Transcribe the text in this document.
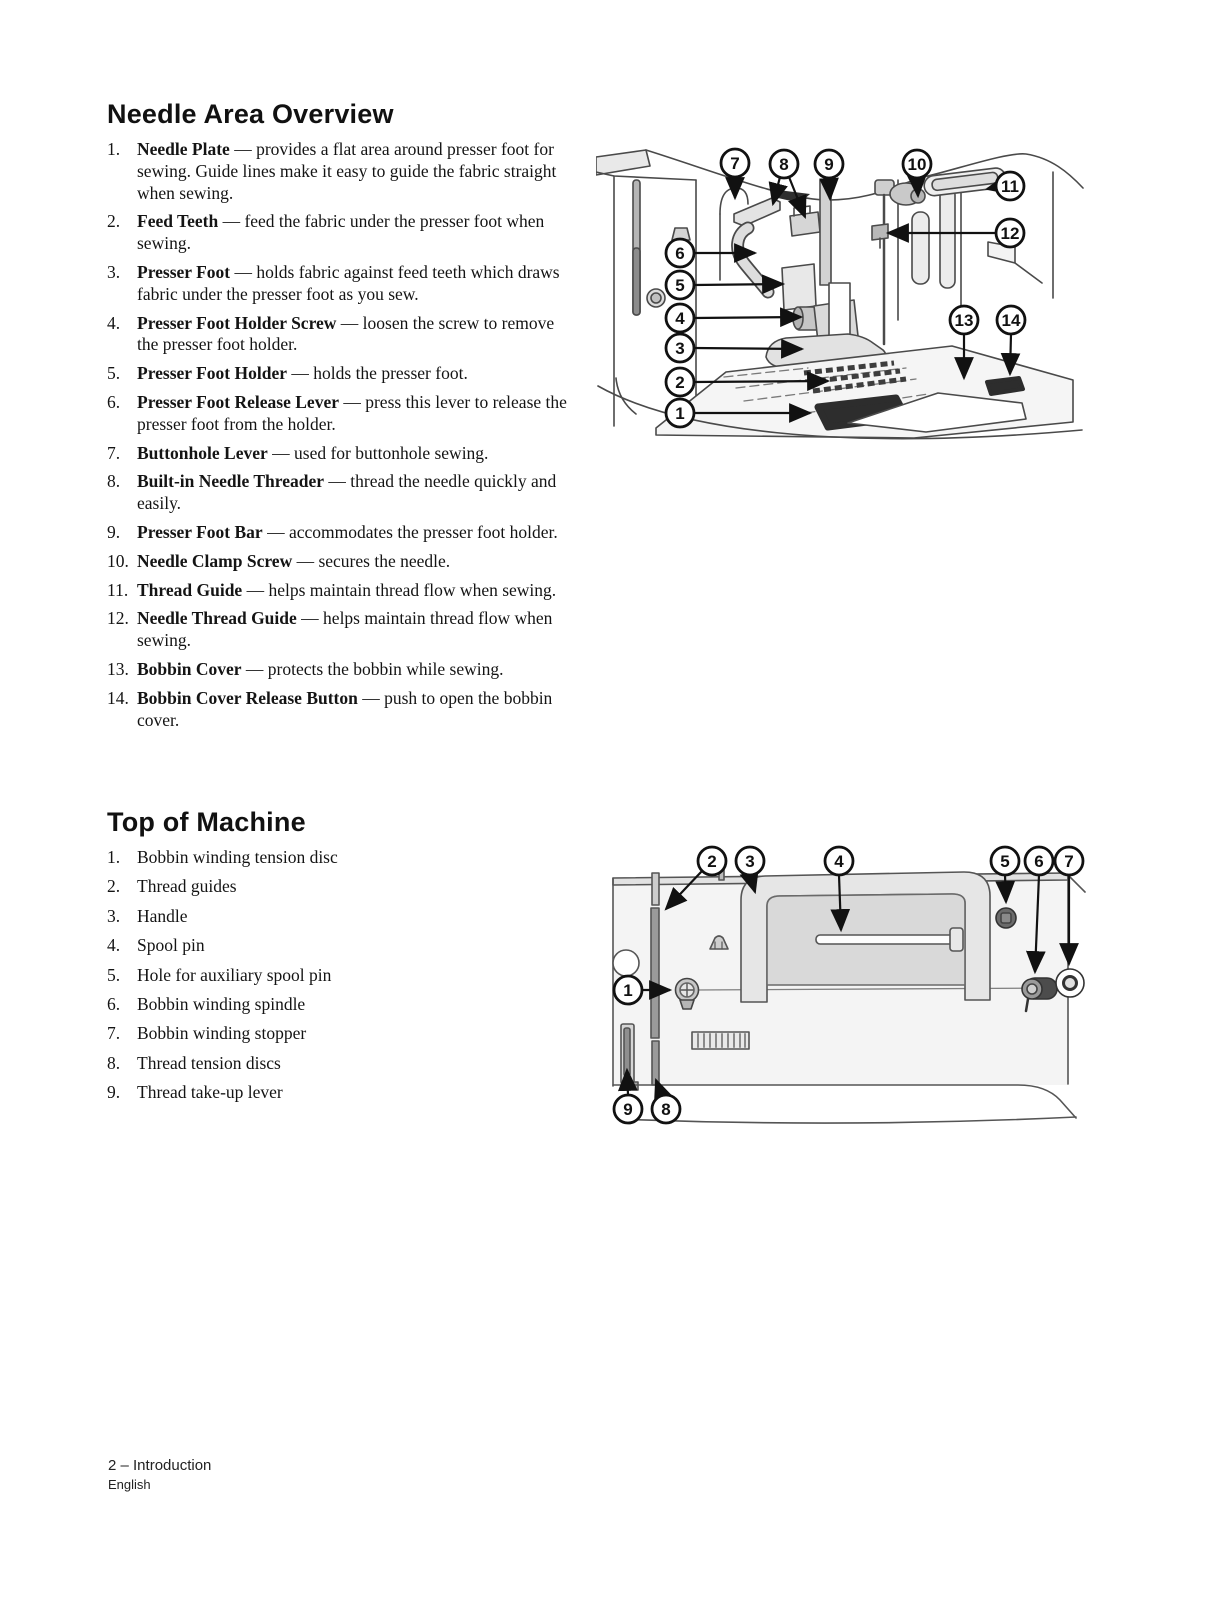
Needle Area Overview
1. Needle Plate — provides a flat area around presser foot for sewing. Guide lines make it easy to guide the fabric straight when sewing.
2. Feed Teeth — feed the fabric under the presser foot when sewing.
3. Presser Foot — holds fabric against feed teeth which draws fabric under the presser foot as you sew.
4. Presser Foot Holder Screw — loosen the screw to remove the presser foot holder.
5. Presser Foot Holder — holds the presser foot.
6. Presser Foot Release Lever — press this lever to release the presser foot from the holder.
7. Buttonhole Lever — used for buttonhole sewing.
8. Built-in Needle Threader — thread the needle quickly and easily.
9. Presser Foot Bar — accommodates the presser foot holder.
10. Needle Clamp Screw — secures the needle.
11. Thread Guide — helps maintain thread flow when sewing.
12. Needle Thread Guide — helps maintain thread flow when sewing.
13. Bobbin Cover — protects the bobbin while sewing.
14. Bobbin Cover Release Button — push to open the bobbin cover.
Top of Machine
1. Bobbin winding tension disc
2. Thread guides
3. Handle
4. Spool pin
5. Hole for auxiliary spool pin
6. Bobbin winding spindle
7. Bobbin winding stopper
8. Thread tension discs
9. Thread take-up lever
7 8 9	10
11
12
6
5
4
3
2
1
13 14
2 3	4	5 6 7
1
9 8
2 – Introduction
English
